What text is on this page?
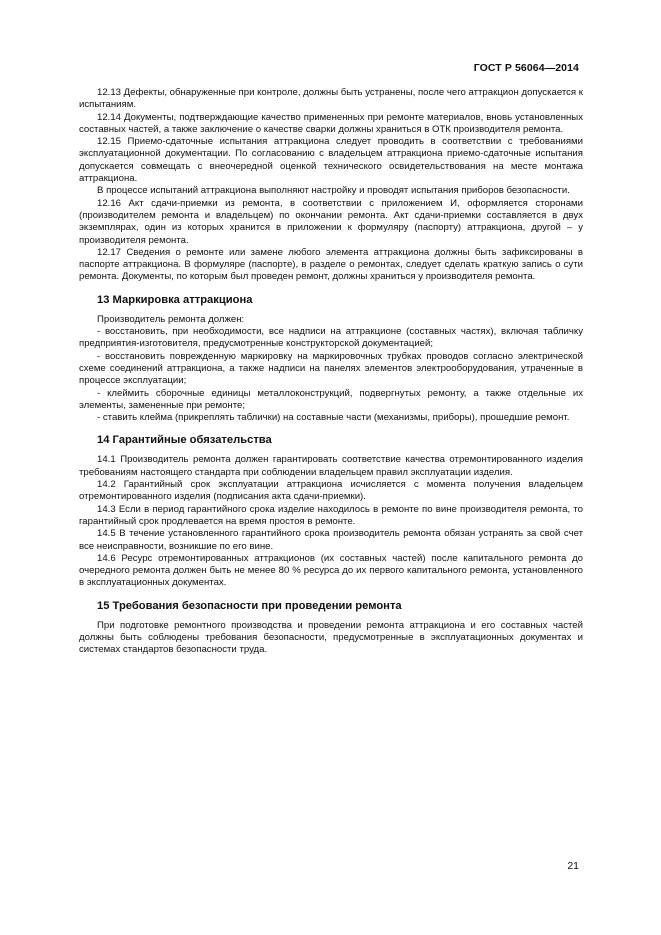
ГОСТ Р 56064—2014

12.13 Дефекты, обнаруженные при контроле, должны быть устранены, после чего аттракцион допускается к испытаниям.

12.14 Документы, подтверждающие качество примененных при ремонте материалов, вновь установленных составных частей, а также заключение о качестве сварки должны храниться в ОТК производителя ремонта.

12.15 Приемо-сдаточные испытания аттракциона следует проводить в соответствии с требованиями эксплуатационной документации. По согласованию с владельцем аттракциона приемо-сдаточные испытания допускается совмещать с внеочередной оценкой технического освидетельствования на месте монтажа аттракциона.

В процессе испытаний аттракциона выполняют настройку и проводят испытания приборов безопасности.

12.16 Акт сдачи-приемки из ремонта, в соответствии с приложением И, оформляется сторонами (производителем ремонта и владельцем) по окончании ремонта. Акт сдачи-приемки составляется в двух экземплярах, один из которых хранится в приложении к формуляру (паспорту) аттракциона, другой – у производителя ремонта.

12.17 Сведения о ремонте или замене любого элемента аттракциона должны быть зафиксированы в паспорте аттракциона. В формуляре (паспорте), в разделе о ремонтах, следует сделать краткую запись о сути ремонта. Документы, по которым был проведен ремонт, должны храниться у производителя ремонта.

13 Маркировка аттракциона

Производитель ремонта должен:

- восстановить, при необходимости, все надписи на аттракционе (составных частях), включая табличку предприятия-изготовителя, предусмотренные конструкторской документацией;

- восстановить поврежденную маркировку на маркировочных трубках проводов согласно электрической схеме соединений аттракциона, а также надписи на панелях элементов электрооборудования, утраченные в процессе эксплуатации;

- клеймить сборочные единицы металлоконструкций, подвергнутых ремонту, а также отдельные их элементы, замененные при ремонте;

- ставить клейма (прикреплять таблички) на составные части (механизмы, приборы), прошедшие ремонт.

14 Гарантийные обязательства

14.1 Производитель ремонта должен гарантировать соответствие качества отремонтированного изделия требованиям настоящего стандарта при соблюдении владельцем правил эксплуатации изделия.

14.2 Гарантийный срок эксплуатации аттракциона исчисляется с момента получения владельцем отремонтированного изделия (подписания акта сдачи-приемки).

14.3 Если в период гарантийного срока изделие находилось в ремонте по вине производителя ремонта, то гарантийный срок продлевается на время простоя в ремонте.

14.5 В течение установленного гарантийного срока производитель ремонта обязан устранять за свой счет все неисправности, возникшие по его вине.

14.6 Ресурс отремонтированных аттракционов (их составных частей) после капитального ремонта до очередного ремонта должен быть не менее 80 % ресурса до их первого капитального ремонта, установленного в эксплуатационных документах.

15 Требования безопасности при проведении ремонта

При подготовке ремонтного производства и проведении ремонта аттракциона и его составных частей должны быть соблюдены требования безопасности, предусмотренные в эксплуатационных документах и системах стандартов безопасности труда.

21
